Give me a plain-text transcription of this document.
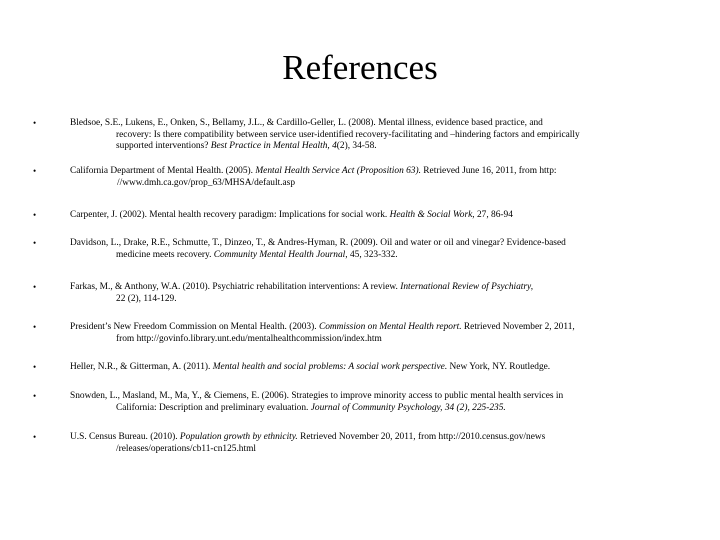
References
•	Bledsoe, S.E., Lukens, E., Onken, S., Bellamy, J.L., & Cardillo-Geller, L. (2008). Mental illness, evidence based practice, and
recovery: Is there compatibility between service user-identified recovery-facilitating and –hindering factors and empirically
supported interventions? Best Practice in Mental Health, 4(2), 34-58.
•	California Department of Mental Health. (2005). Mental Health Service Act (Proposition 63). Retrieved June 16, 2011, from http:
//www.dmh.ca.gov/prop_63/MHSA/default.asp
•	Carpenter, J. (2002). Mental health recovery paradigm: Implications for social work. Health & Social Work, 27, 86-94
•	Davidson, L., Drake, R.E., Schmutte, T., Dinzeo, T., & Andres-Hyman, R. (2009). Oil and water or oil and vinegar? Evidence-based
medicine meets recovery. Community Mental Health Journal, 45, 323-332.
•	Farkas, M., & Anthony, W.A. (2010). Psychiatric rehabilitation interventions: A review. International Review of Psychiatry,
22 (2), 114-129.
•	President’s New Freedom Commission on Mental Health. (2003). Commission on Mental Health report. Retrieved November 2, 2011,
from http://govinfo.library.unt.edu/mentalhealthcommission/index.htm
•	Heller, N.R., & Gitterman, A. (2011). Mental health and social problems: A social work perspective. New York, NY. Routledge.
•	Snowden, L., Masland, M., Ma, Y., & Ciemens, E. (2006). Strategies to improve minority access to public mental health services in
California: Description and preliminary evaluation. Journal of Community Psychology, 34 (2), 225-235.
•	U.S. Census Bureau. (2010). Population growth by ethnicity. Retrieved November 20, 2011, from http://2010.census.gov/news
/releases/operations/cb11-cn125.html
